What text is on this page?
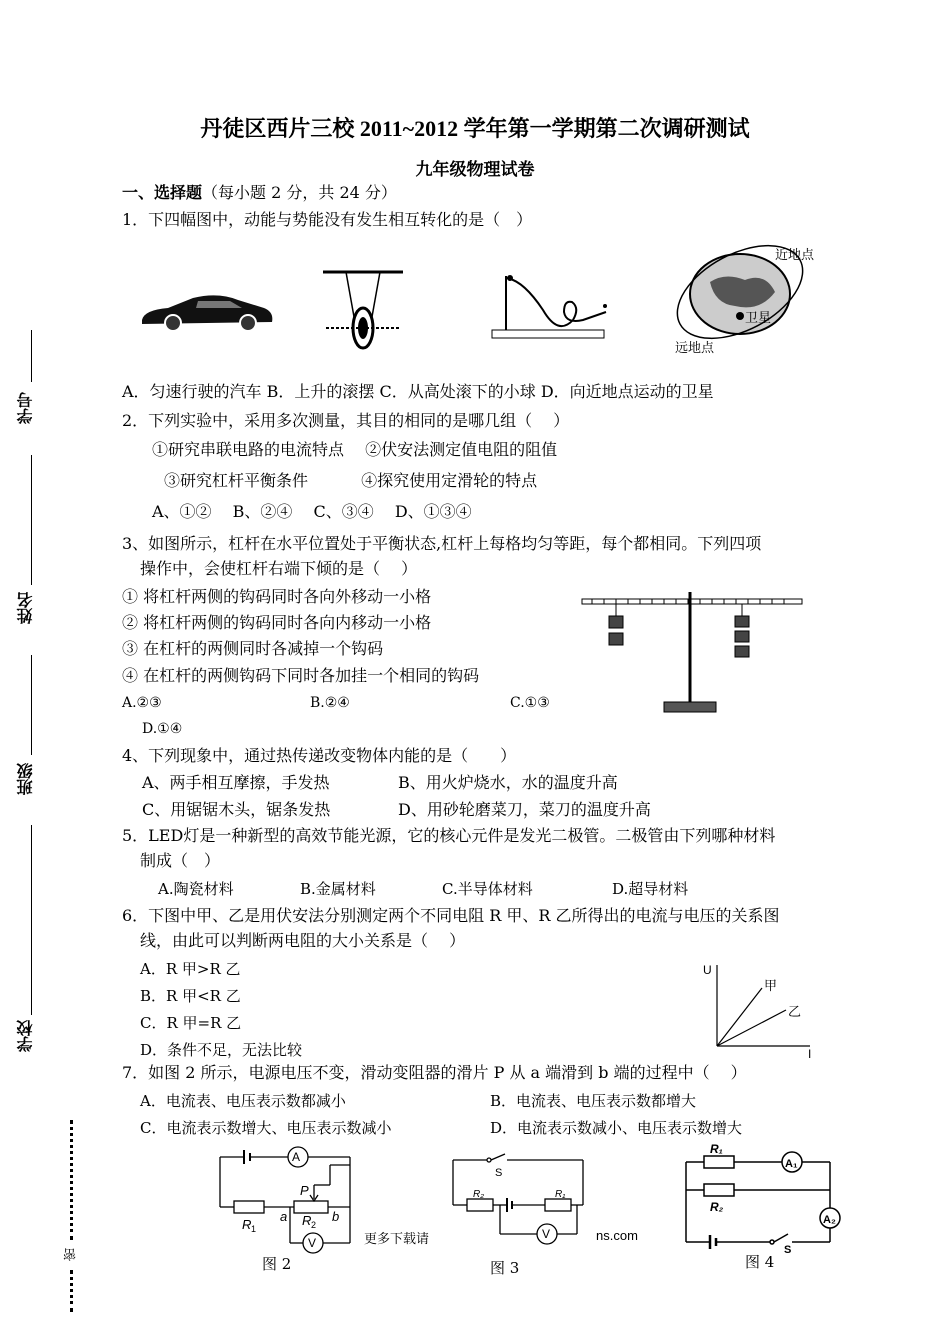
丹徒区西片三校 2011~2012 学年第一学期第二次调研测试
九年级物理试卷
一、选择题（每小题 2 分，共 24 分）
学号
姓名
班级
学校
密
1．下四幅图中，动能与势能没有发生相互转化的是（　）
近地点
卫星
远地点
A．匀速行驶的汽车 B．上升的滚摆 C．从高处滚下的小球 D．向近地点运动的卫星
2．下列实验中，采用多次测量，其目的相同的是哪几组（　 ）
①研究串联电路的电流特点　 ②伏安法测定值电阻的阻值
③研究杠杆平衡条件　　　 ④探究使用定滑轮的特点
A、①②　 B、②④　 C、③④　 D、①③④
3、如图所示，杠杆在水平位置处于平衡状态,杠杆上每格均匀等距，每个都相同。下列四项
操作中，会使杠杆右端下倾的是（　 ）
① 将杠杆两侧的钩码同时各向外移动一小格
② 将杠杆两侧的钩码同时各向内移动一小格
③ 在杠杆的两侧同时各减掉一个钩码
④ 在杠杆的两侧钩码下同时各加挂一个相同的钩码
A.②③	B.②④	C.①③
D.①④
4、下列现象中，通过热传递改变物体内能的是（　　）
A、两手相互摩擦，手发热	B、用火炉烧水，水的温度升高
C、用锯锯木头，锯条发热	D、用砂轮磨菜刀，菜刀的温度升高
5．LED灯是一种新型的高效节能光源，它的核心元件是发光二极管。二极管由下列哪种材料
制成（　）
A.陶瓷材料	B.金属材料	C.半导体材料	D.超导材料
6．下图中甲、乙是用伏安法分别测定两个不同电阻 R 甲、R 乙所得出的电流与电压的关系图
线，由此可以判断两电阻的大小关系是（　 ）
A．R 甲>R 乙
B．R 甲<R 乙
C．R 甲=R 乙
D．条件不足，无法比较
U
I
甲
乙
7．如图 2 所示，电源电压不变，滑动变阻器的滑片 P 从 a 端滑到 b 端的过程中（　 ）
A．电流表、电压表示数都减小	B．电流表、电压表示数都增大
C．电流表示数增大、电压表示数减小	D．电流表示数减小、电压表示数增大
A
V
P
a	b
R 1
R 2
更多下载请	ns.com
图 2
S
R₂	R₁
V
图 3
R₁
R₂
A₁
A₂
S
图 4
